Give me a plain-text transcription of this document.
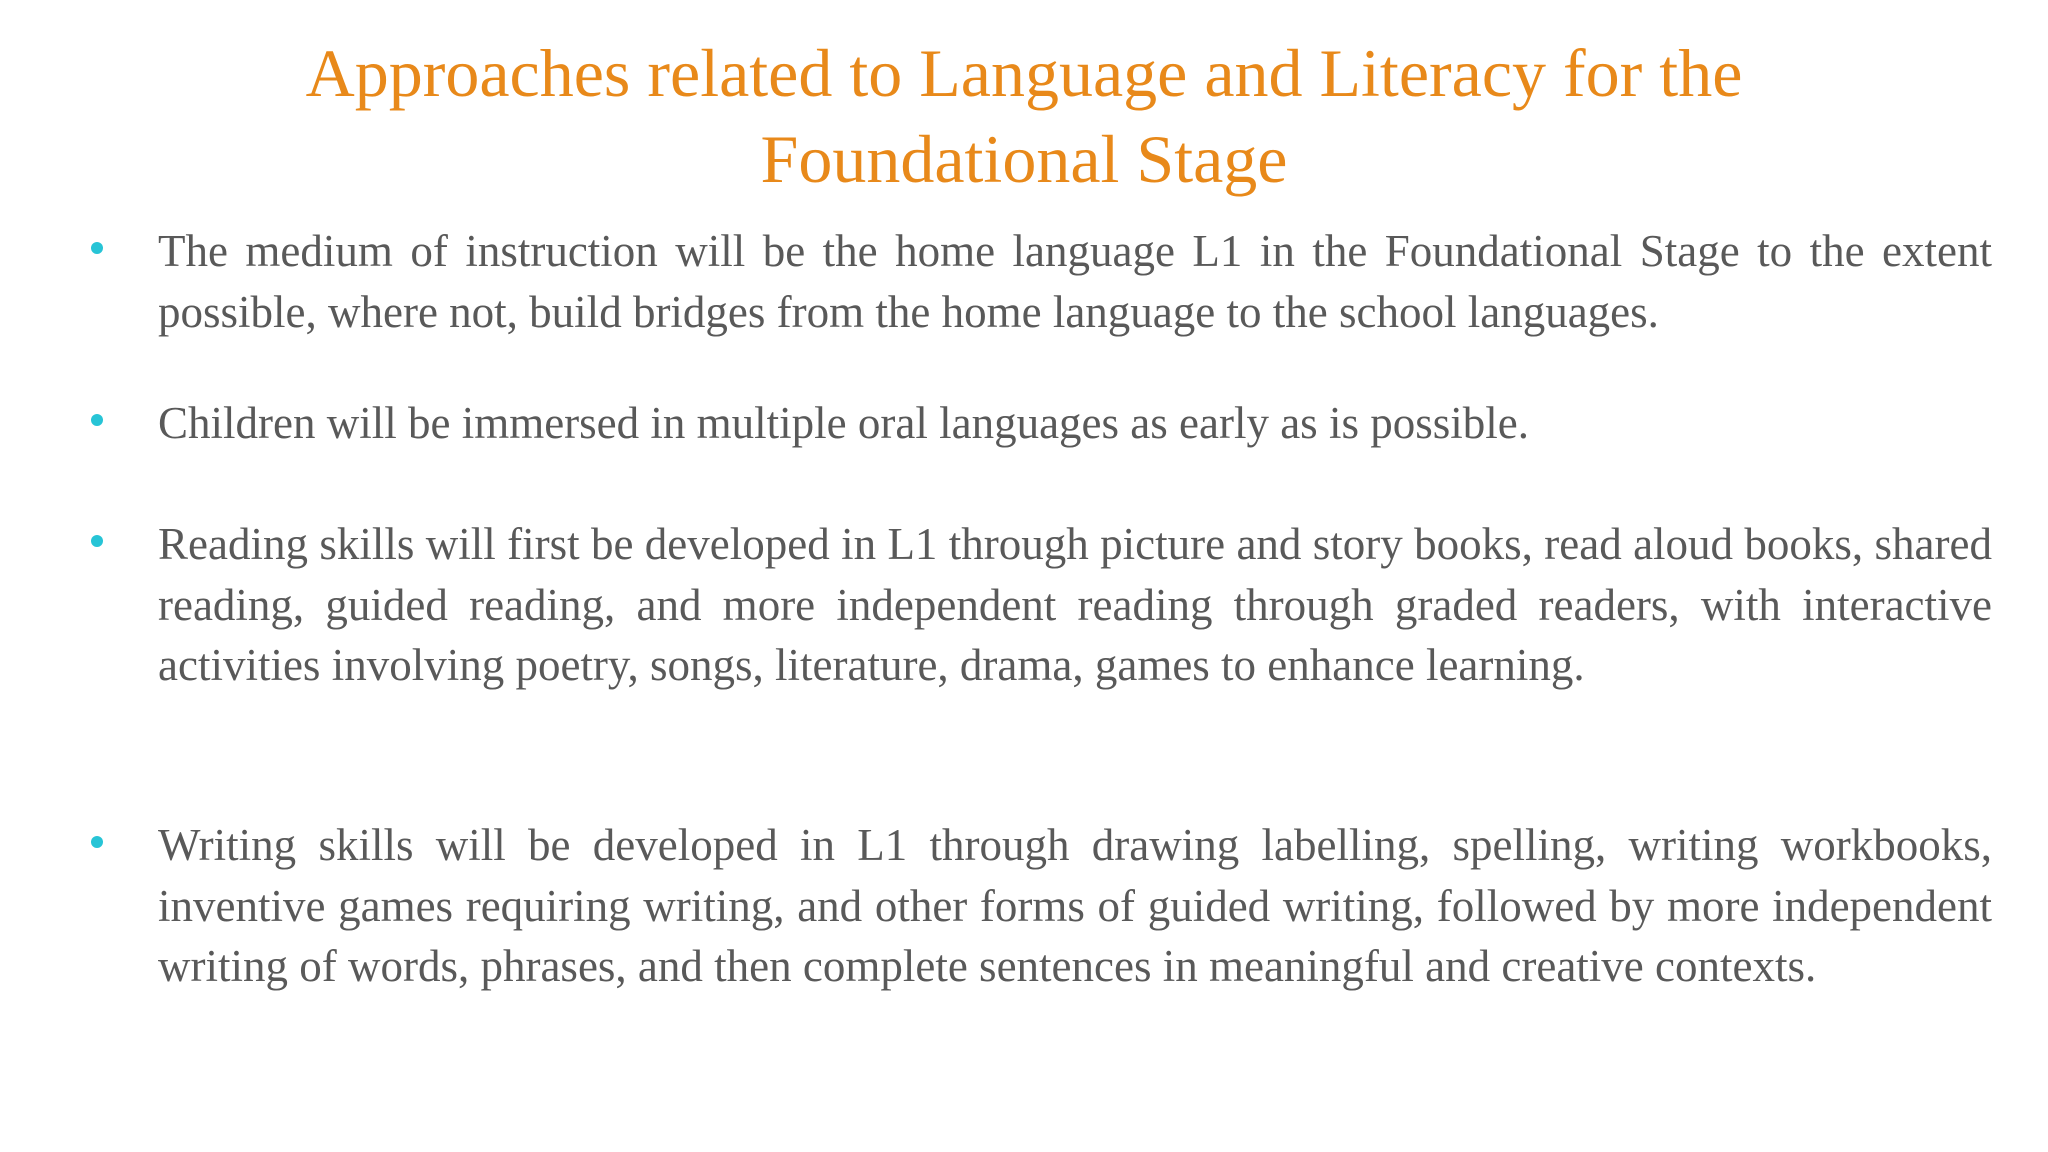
Approaches related to Language and Literacy for the Foundational Stage
The medium of instruction will be the home language L1 in the Foundational Stage to the extent possible, where not, build bridges from the home language to the school languages.
Children will be immersed in multiple oral languages as early as is possible.
Reading skills will first be developed in L1 through picture and story books, read aloud books, shared reading, guided reading, and more independent reading through graded readers, with interactive activities involving poetry, songs, literature, drama, games to enhance learning.
Writing skills will be developed in L1 through drawing labelling, spelling, writing workbooks, inventive games requiring writing, and other forms of guided writing, followed by more independent writing of words, phrases, and then complete sentences in meaningful and creative contexts.
